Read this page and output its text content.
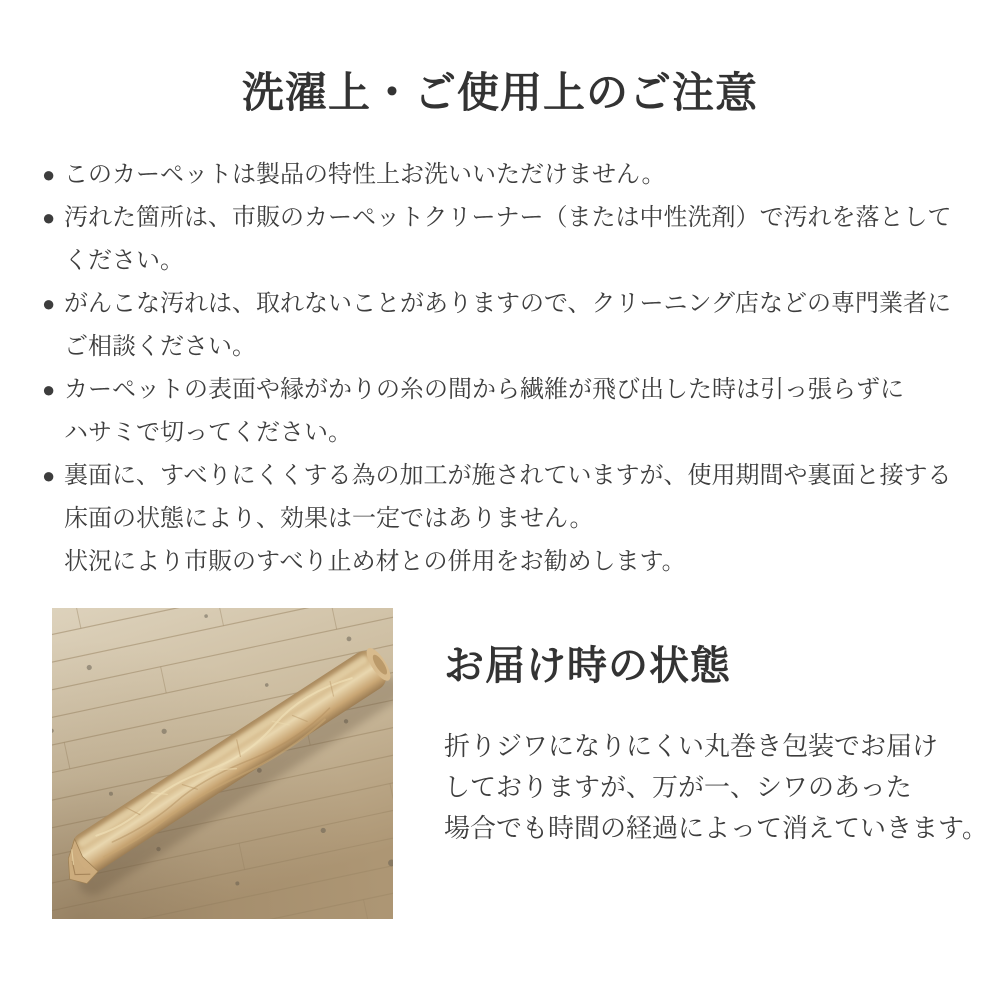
洗濯上・ご使用上のご注意
● このカーペットは製品の特性上お洗いいただけません。
● 汚れた箇所は、市販のカーペットクリーナー（または中性洗剤）で汚れを落として
ください。
● がんこな汚れは、取れないことがありますので、クリーニング店などの専門業者に
ご相談ください。
● カーペットの表面や縁がかりの糸の間から繊維が飛び出した時は引っ張らずに
ハサミで切ってください。
● 裏面に、すべりにくくする為の加工が施されていますが、使用期間や裏面と接する
床面の状態により、効果は一定ではありません。
状況により市販のすべり止め材との併用をお勧めします。
お届け時の状態
折りジワになりにくい丸巻き包装でお届け
しておりますが、万が一、シワのあった
場合でも時間の経過によって消えていきます。
